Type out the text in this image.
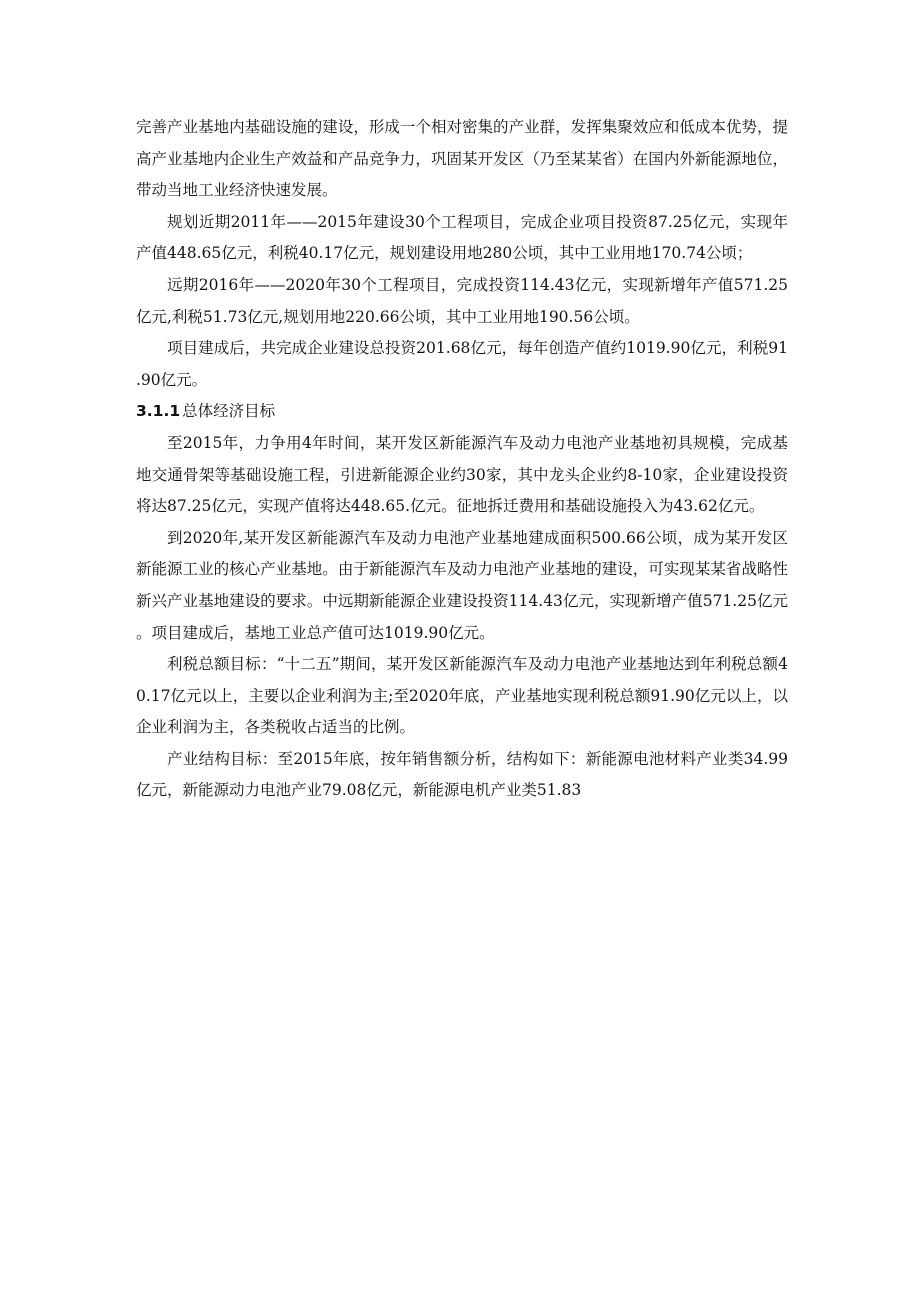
完善产业基地内基础设施的建设，形成一个相对密集的产业群，发挥集聚效应和低成本优势，提高产业基地内企业生产效益和产品竞争力，巩固某开发区（乃至某某省）在国内外新能源地位，带动当地工业经济快速发展。

规划近期2011年——2015年建设30个工程项目，完成企业项目投资87.25亿元，实现年产值448.65亿元，利税40.17亿元，规划建设用地280公顷，其中工业用地170.74公顷；

远期2016年——2020年30个工程项目，完成投资114.43亿元，实现新增年产值571.25亿元,利税51.73亿元,规划用地220.66公顷，其中工业用地190.56公顷。

项目建成后，共完成企业建设总投资201.68亿元，每年创造产值约1019.90亿元，利税91.90亿元。

3.1.1 总体经济目标

至2015年，力争用4年时间，某开发区新能源汽车及动力电池产业基地初具规模，完成基地交通骨架等基础设施工程，引进新能源企业约30家，其中龙头企业约8-10家，企业建设投资将达87.25亿元，实现产值将达448.65.亿元。征地拆迁费用和基础设施投入为43.62亿元。

到2020年,某开发区新能源汽车及动力电池产业基地建成面积500.66公顷，成为某开发区新能源工业的核心产业基地。由于新能源汽车及动力电池产业基地的建设，可实现某某省战略性新兴产业基地建设的要求。中远期新能源企业建设投资114.43亿元，实现新增产值571.25亿元。项目建成后，基地工业总产值可达1019.90亿元。

利税总额目标：“十二五”期间，某开发区新能源汽车及动力电池产业基地达到年利税总额40.17亿元以上，主要以企业利润为主;至2020年底，产业基地实现利税总额91.90亿元以上，以企业利润为主，各类税收占适当的比例。

产业结构目标：至2015年底，按年销售额分析，结构如下：新能源电池材料产业类34.99亿元，新能源动力电池产业79.08亿元，新能源电机产业类51.83
